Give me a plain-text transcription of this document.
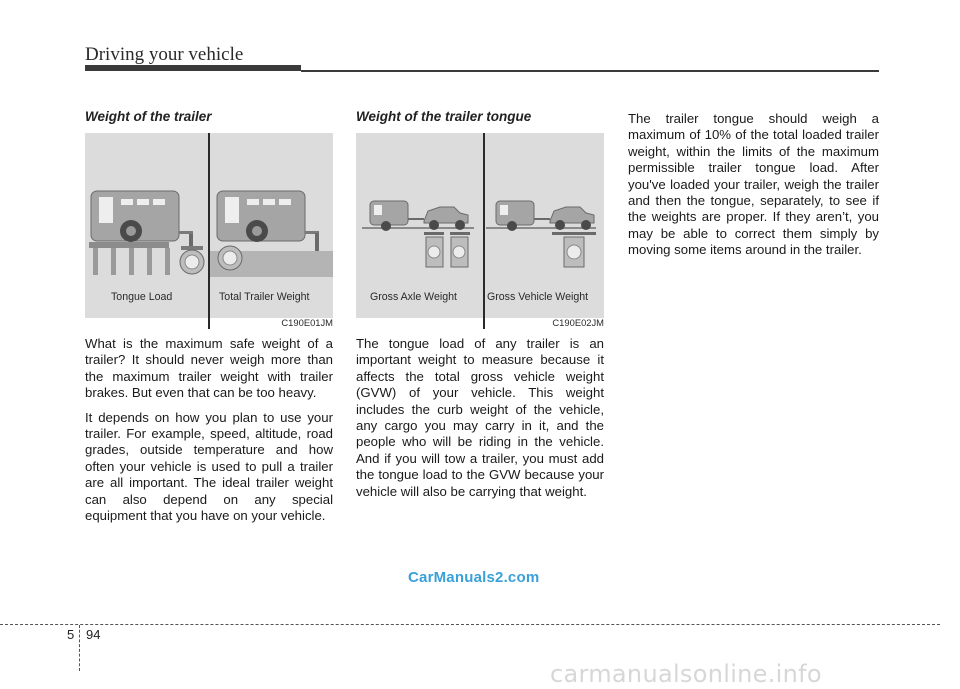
Driving your vehicle
Weight of the trailer
Tongue Load	Total Trailer Weight
C190E01JM

What is the maximum safe weight of a trailer? It should never weigh more than the maximum trailer weight with trailer brakes. But even that can be too heavy.

It depends on how you plan to use your trailer. For example, speed, altitude, road grades, outside temperature and how often your vehicle is used to pull a trailer are all important. The ideal trailer weight can also depend on any special equipment that you have on your vehicle.

Weight of the trailer tongue
Gross Axle Weight	Gross Vehicle Weight
C190E02JM

The tongue load of any trailer is an important weight to measure because it affects the total gross vehicle weight (GVW) of your vehicle. This weight includes the curb weight of the vehicle, any cargo you may carry in it, and the people who will be riding in the vehicle. And if you will tow a trailer, you must add the tongue load to the GVW because your vehicle will also be carrying that weight.

The trailer tongue should weigh a maximum of 10% of the total loaded trailer weight, within the limits of the maximum permissible trailer tongue load. After you've loaded your trailer, weigh the trailer and then the tongue, separately, to see if the weights are proper. If they aren’t, you may be able to correct them simply by moving some items around in the trailer.

CarManuals2.com
5 94
carmanualsonline.info
